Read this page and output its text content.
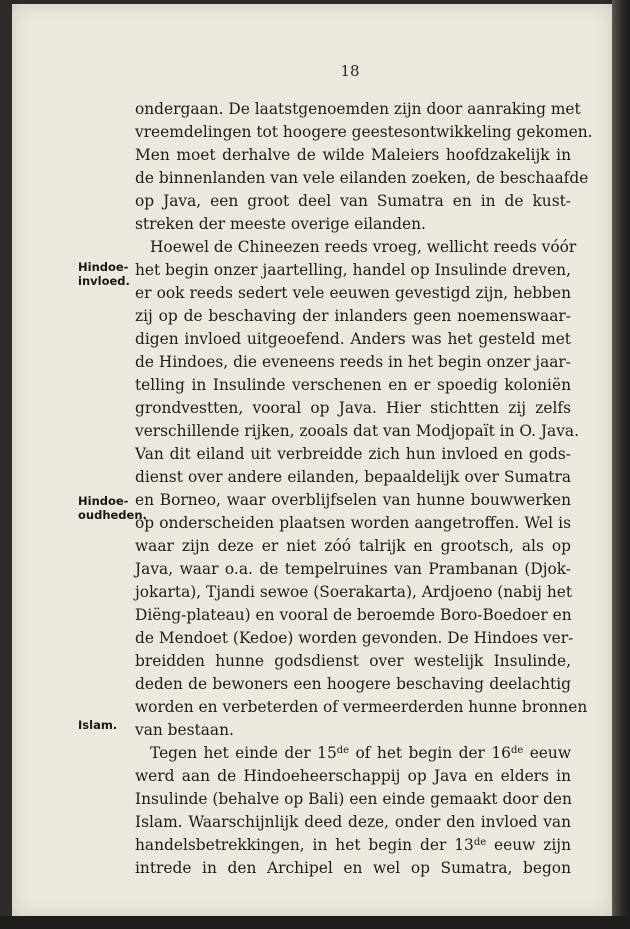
18
Hindoe-
invloed.
Hindoe-
oudheden.
Islam.
ondergaan. De laatstgenoemden zijn door aanraking met
vreemdelingen tot hoogere geestesontwikkeling gekomen.
Men moet derhalve de wilde Maleiers hoofdzakelijk in
de binnenlanden van vele eilanden zoeken, de beschaafde
op Java, een groot deel van Sumatra en in de kust-
streken der meeste overige eilanden.
Hoewel de Chineezen reeds vroeg, wellicht reeds vóór
het begin onzer jaartelling, handel op Insulinde dreven,
er ook reeds sedert vele eeuwen gevestigd zijn, hebben
zij op de beschaving der inlanders geen noemenswaar-
digen invloed uitgeoefend. Anders was het gesteld met
de Hindoes, die eveneens reeds in het begin onzer jaar-
telling in Insulinde verschenen en er spoedig koloniën
grondvestten, vooral op Java. Hier stichtten zij zelfs
verschillende rijken, zooals dat van Modjopaït in O. Java.
Van dit eiland uit verbreidde zich hun invloed en gods-
dienst over andere eilanden, bepaaldelijk over Sumatra
en Borneo, waar overblijfselen van hunne bouwwerken
op onderscheiden plaatsen worden aangetroffen. Wel is
waar zijn deze er niet zóó talrijk en grootsch, als op
Java, waar o.a. de tempelruines van Prambanan (Djok-
jokarta), Tjandi sewoe (Soerakarta), Ardjoeno (nabij het
Diëng-plateau) en vooral de beroemde Boro-Boedoer en
de Mendoet (Kedoe) worden gevonden. De Hindoes ver-
breidden hunne godsdienst over westelijk Insulinde,
deden de bewoners een hoogere beschaving deelachtig
worden en verbeterden of vermeerderden hunne bronnen
van bestaan.
Tegen het einde der 15de of het begin der 16de eeuw
werd aan de Hindoeheerschappij op Java en elders in
Insulinde (behalve op Bali) een einde gemaakt door den
Islam. Waarschijnlijk deed deze, onder den invloed van
handelsbetrekkingen, in het begin der 13de eeuw zijn
intrede in den Archipel en wel op Sumatra, begon
